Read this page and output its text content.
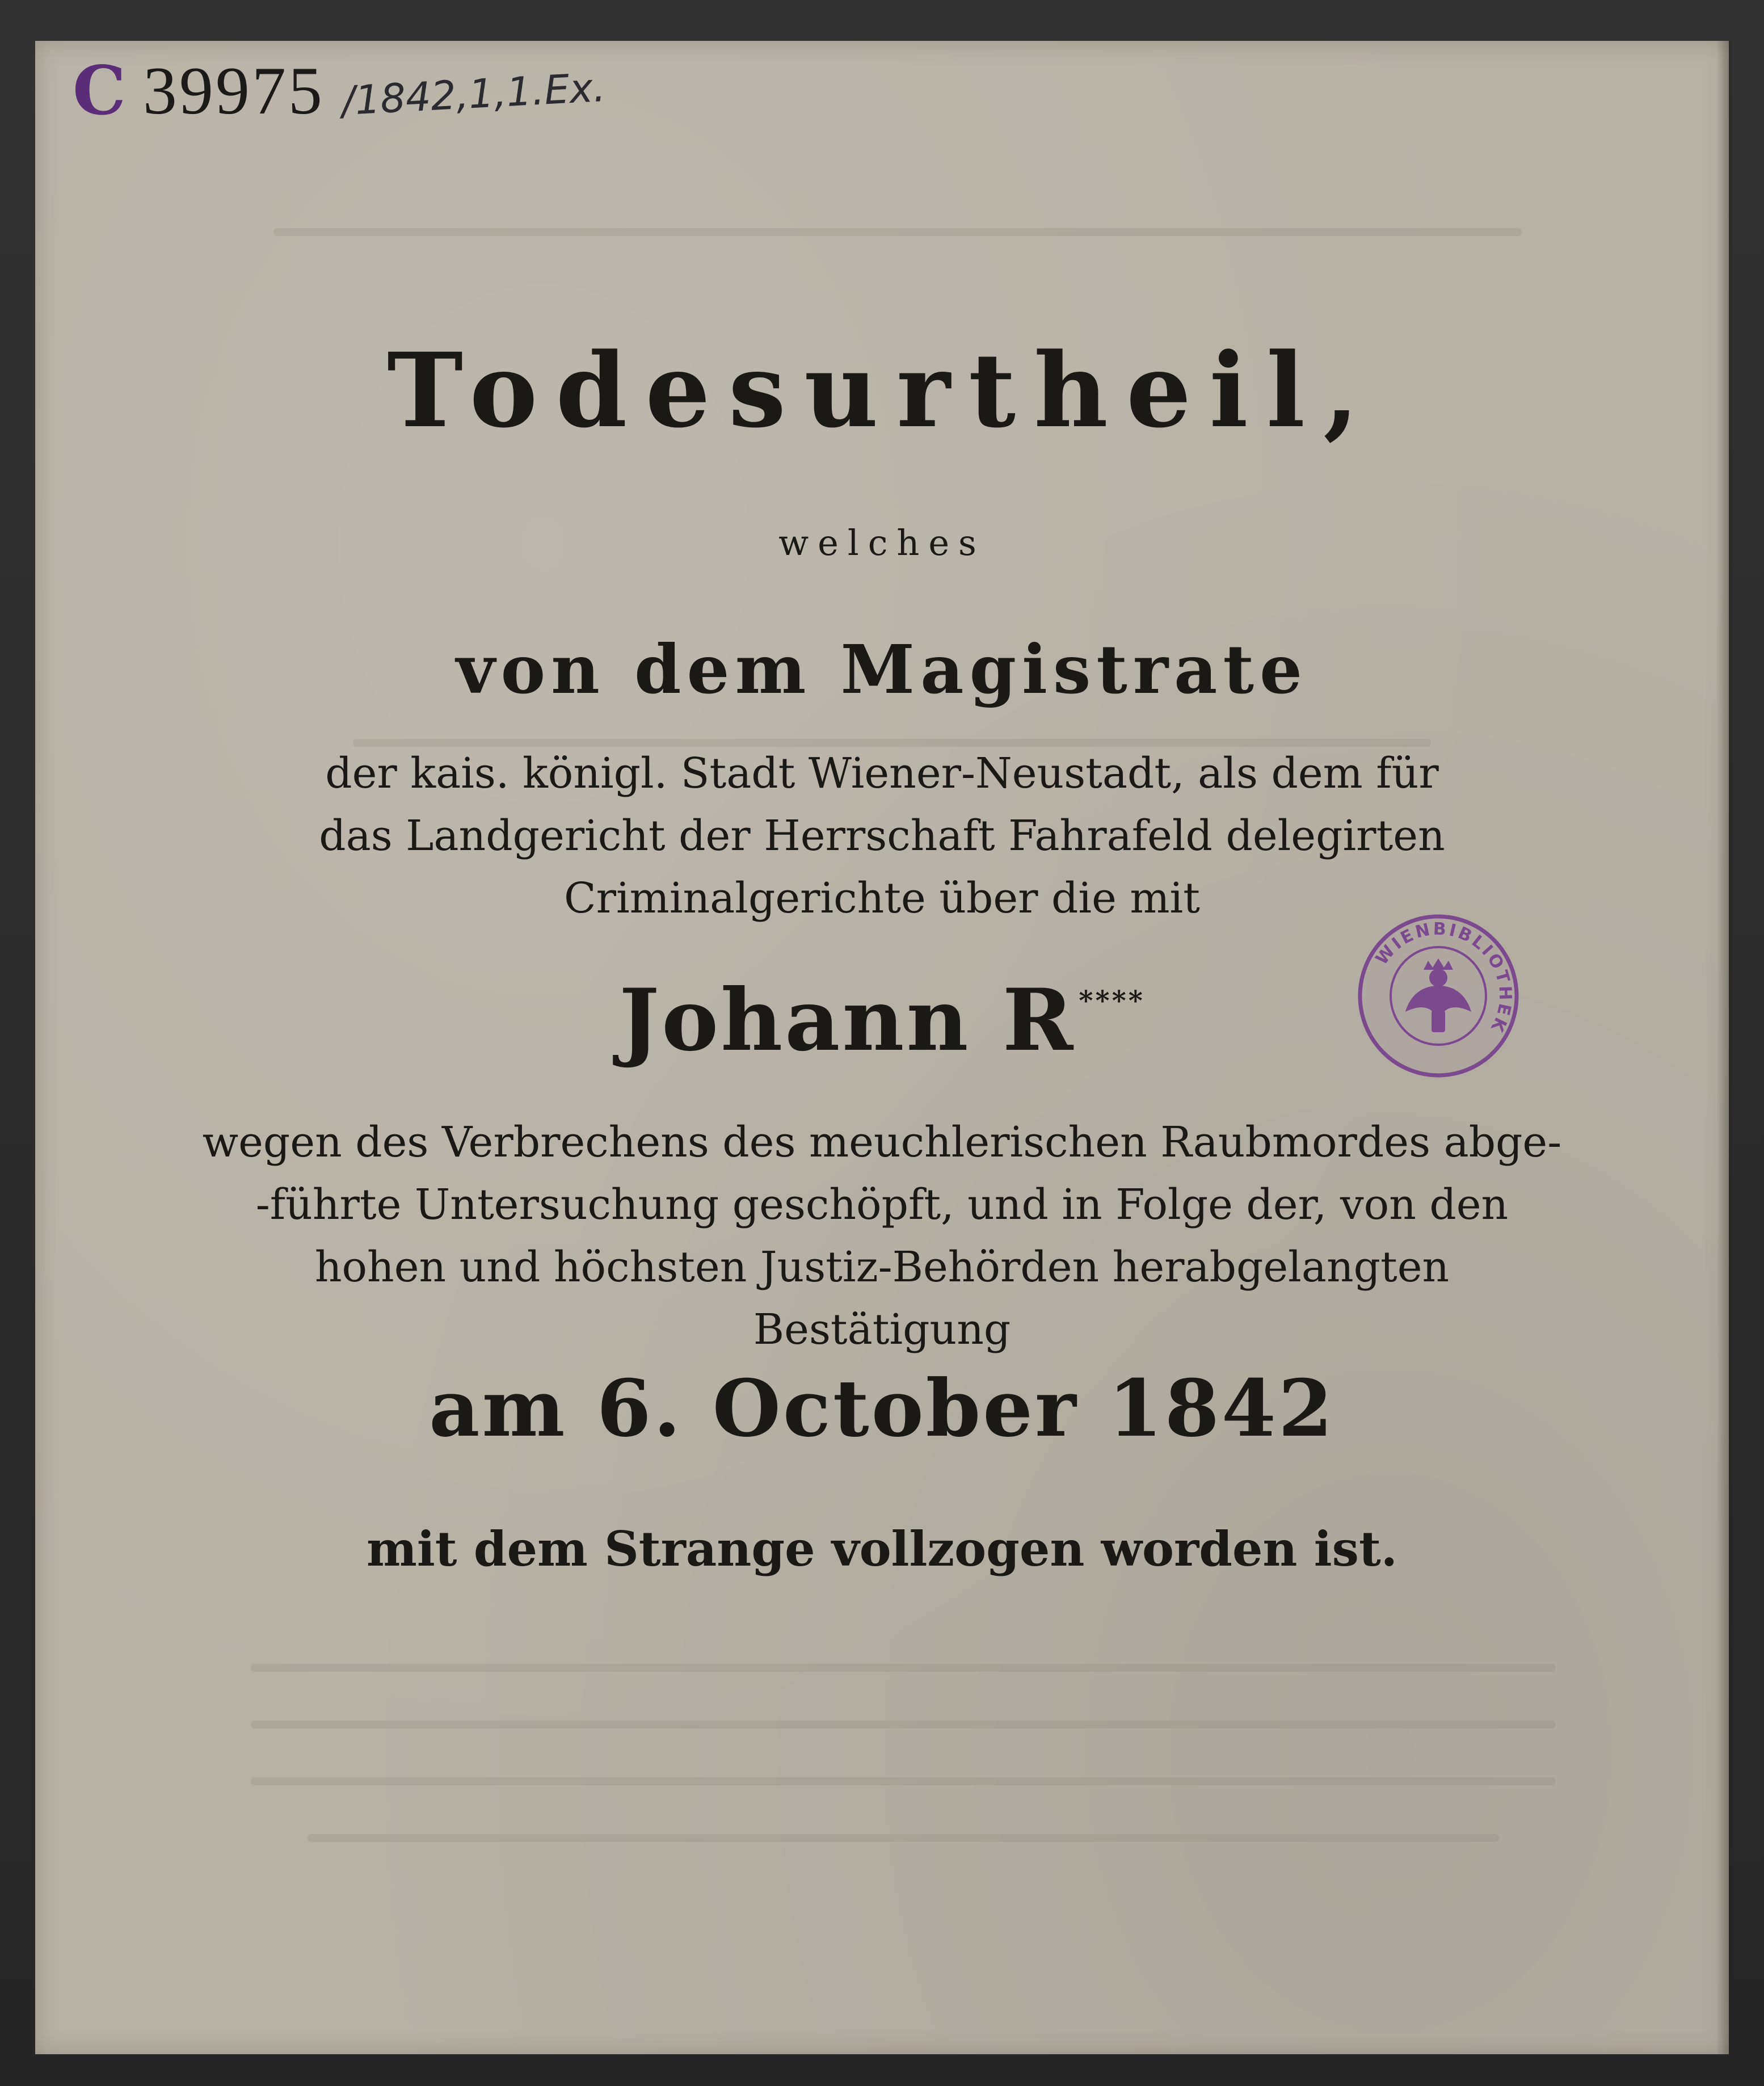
C 39975 /1842,1,1.Ex.
Todesurtheil,
welches
von dem Magistrate
der kais. königl. Stadt Wiener-Neustadt, als dem für
das Landgericht der Herrschaft Fahrafeld delegirten
Criminalgerichte über die mit
Johann R ****
wegen des Verbrechens des meuchlerischen Raubmordes abge-
-führte Untersuchung geschöpft, und in Folge der, von den
hohen und höchsten Justiz-Behörden herabgelangten
Bestätigung
am 6. October 1842
mit dem Strange vollzogen worden ist.
WIENBIBLIOTHEK
